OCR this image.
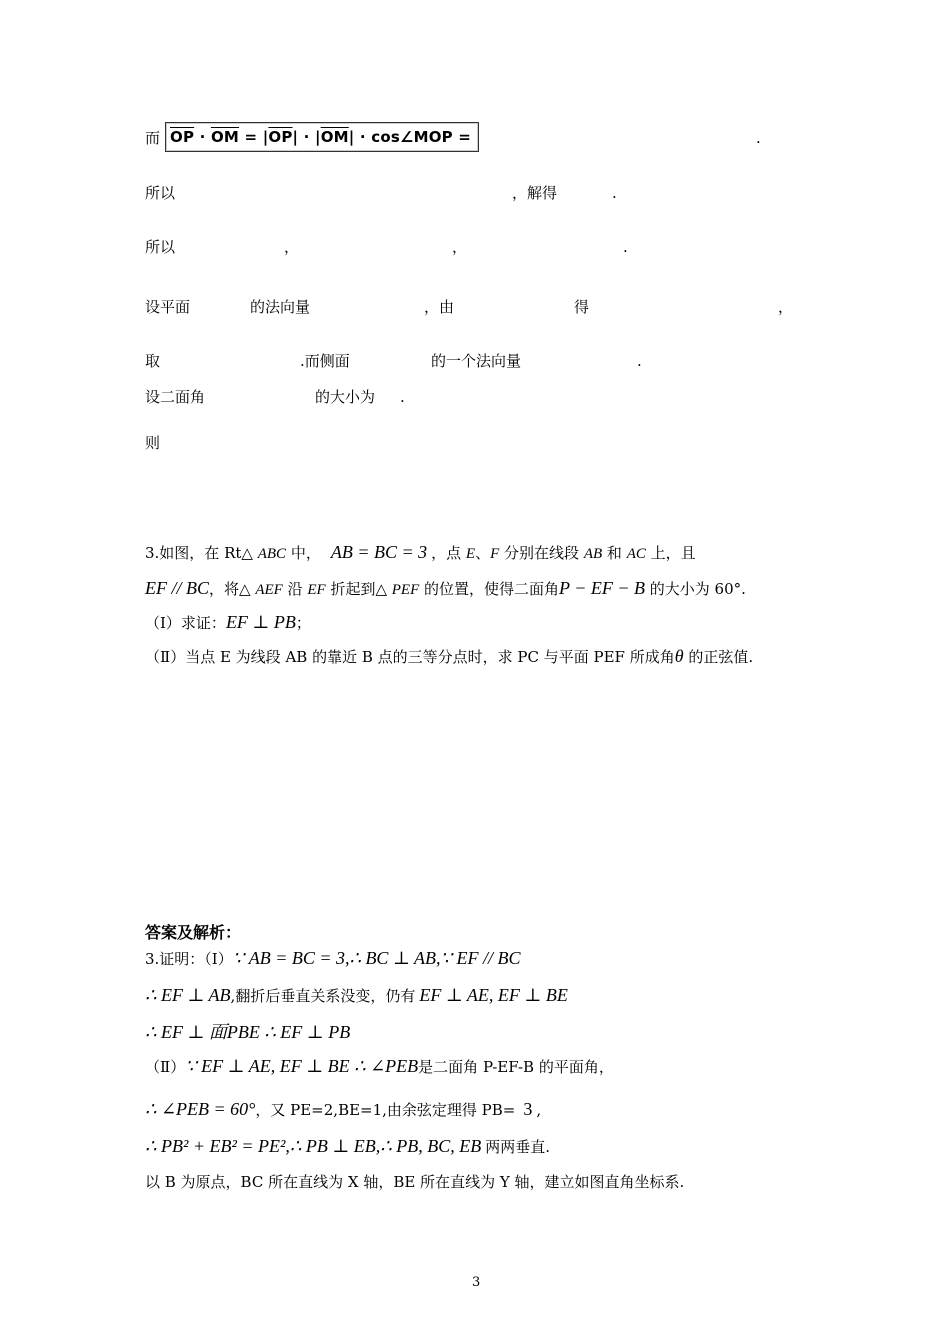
而 $\overline{OP} \cdot \overline{OM} = |\overline{OP}| \cdot |\overline{OM}|$ · cos∠MOP =	.
所以	，解得	.
所以	，	，	.
设平面	的法向量	，由	得	，
取	.而侧面	的一个法向量	.
设二面角	的大小为 .
则
3.如图，在 Rt△ ABC 中， AB = BC = 3 ，点 E、F 分别在线段 AB 和 AC 上，且
EF // BC，将△ AEF 沿 EF 折起到△ PEF 的位置，使得二面角P − EF − B 的大小为 60°.
（Ⅰ）求证：EF ⊥ PB；
（Ⅱ）当点 E 为线段 AB 的靠近 B 点的三等分点时，求 PC 与平面 PEF 所成角θ 的正弦值.
答案及解析：
3.证明：（Ⅰ）∵ AB = BC = 3,∴ BC ⊥ AB,∵ EF // BC
∴ EF ⊥ AB,翻折后垂直关系没变，仍有 EF ⊥ AE, EF ⊥ BE
∴ EF ⊥ 面PBE ∴ EF ⊥ PB
（Ⅱ）∵ EF ⊥ AE, EF ⊥ BE ∴ ∠PEB是二面角 P-EF-B 的平面角，
∴ ∠PEB = 60°，又 PE=2,BE=1,由余弦定理得 PB= 3 ,
∴ PB² + EB² = PE²,∴ PB ⊥ EB,∴ PB, BC, EB 两两垂直.
以 B 为原点，BC 所在直线为 X 轴，BE 所在直线为 Y 轴，建立如图直角坐标系.
3
